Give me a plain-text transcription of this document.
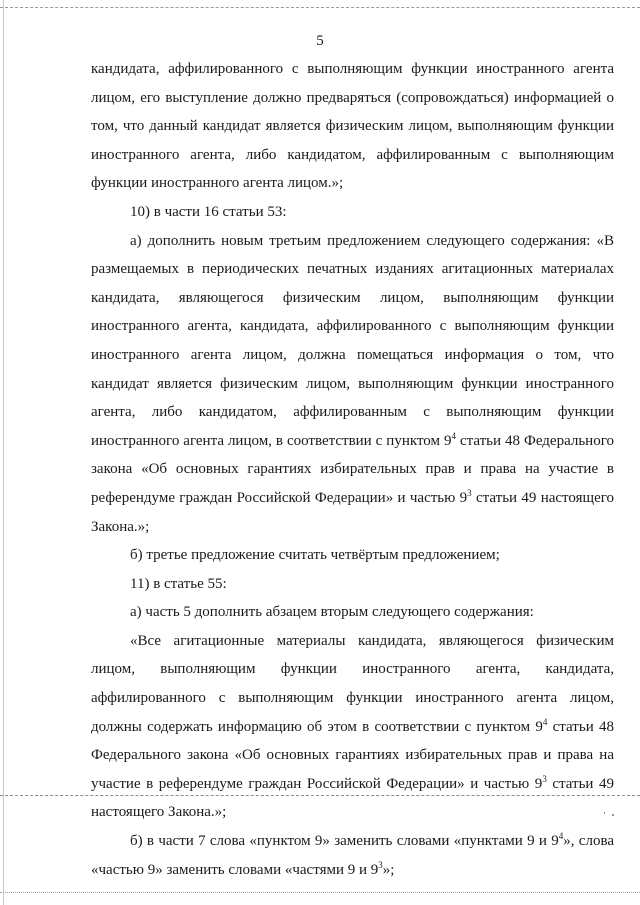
5

кандидата, аффилированного с выполняющим функции иностранного агента лицом, его выступление должно предваряться (сопровождаться) информацией о том, что данный кандидат является физическим лицом, выполняющим функции иностранного агента, либо кандидатом, аффилированным с выполняющим функции иностранного агента лицом.»;

10) в части 16 статьи 53:

а) дополнить новым третьим предложением следующего содержания: «В размещаемых в периодических печатных изданиях агитационных материалах кандидата, являющегося физическим лицом, выполняющим функции иностранного агента, кандидата, аффилированного с выполняющим функции иностранного агента лицом, должна помещаться информация о том, что кандидат является физическим лицом, выполняющим функции иностранного агента, либо кандидатом, аффилированным с выполняющим функции иностранного агента лицом, в соответствии с пунктом $9^4$ статьи 48 Федерального закона «Об основных гарантиях избирательных прав и права на участие в референдуме граждан Российской Федерации» и частью $9^3$ статьи 49 настоящего Закона.»;

б) третье предложение считать четвёртым предложением;

11) в статье 55:

а) часть 5 дополнить абзацем вторым следующего содержания:

«Все агитационные материалы кандидата, являющегося физическим лицом, выполняющим функции иностранного агента, кандидата, аффилированного с выполняющим функции иностранного агента лицом, должны содержать информацию об этом в соответствии с пунктом $9^4$ статьи 48 Федерального закона «Об основных гарантиях избирательных прав и права на участие в референдуме граждан Российской Федерации» и частью $9^3$ статьи 49 настоящего Закона.»;

б) в части 7 слова «пунктом 9» заменить словами «пунктами 9 и $9^4$», слова «частью 9» заменить словами «частями 9 и $9^3$»;
